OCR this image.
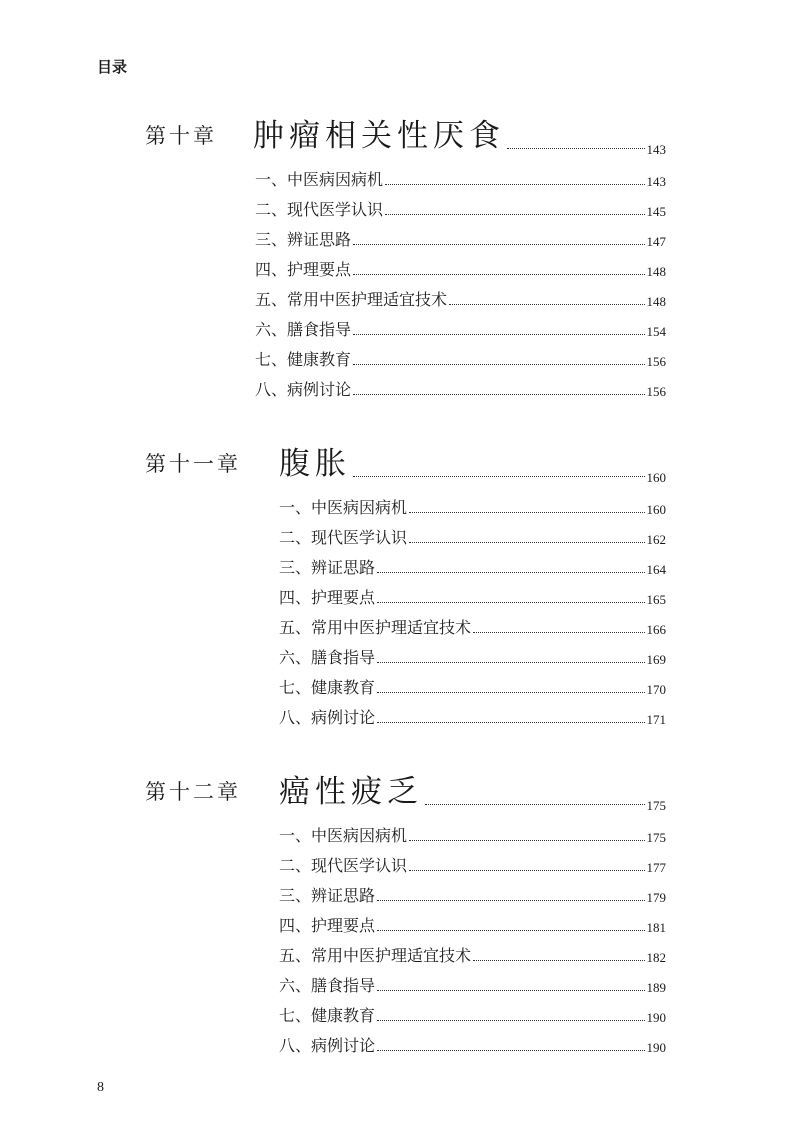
目录
第十章 肿瘤相关性厌食	143
一、中医病因病机	143
二、现代医学认识	145
三、辨证思路	147
四、护理要点	148
五、常用中医护理适宜技术	148
六、膳食指导	154
七、健康教育	156
八、病例讨论	156
第十一章 腹胀	160
一、中医病因病机	160
二、现代医学认识	162
三、辨证思路	164
四、护理要点	165
五、常用中医护理适宜技术	166
六、膳食指导	169
七、健康教育	170
八、病例讨论	171
第十二章 癌性疲乏	175
一、中医病因病机	175
二、现代医学认识	177
三、辨证思路	179
四、护理要点	181
五、常用中医护理适宜技术	182
六、膳食指导	189
七、健康教育	190
八、病例讨论	190
8
